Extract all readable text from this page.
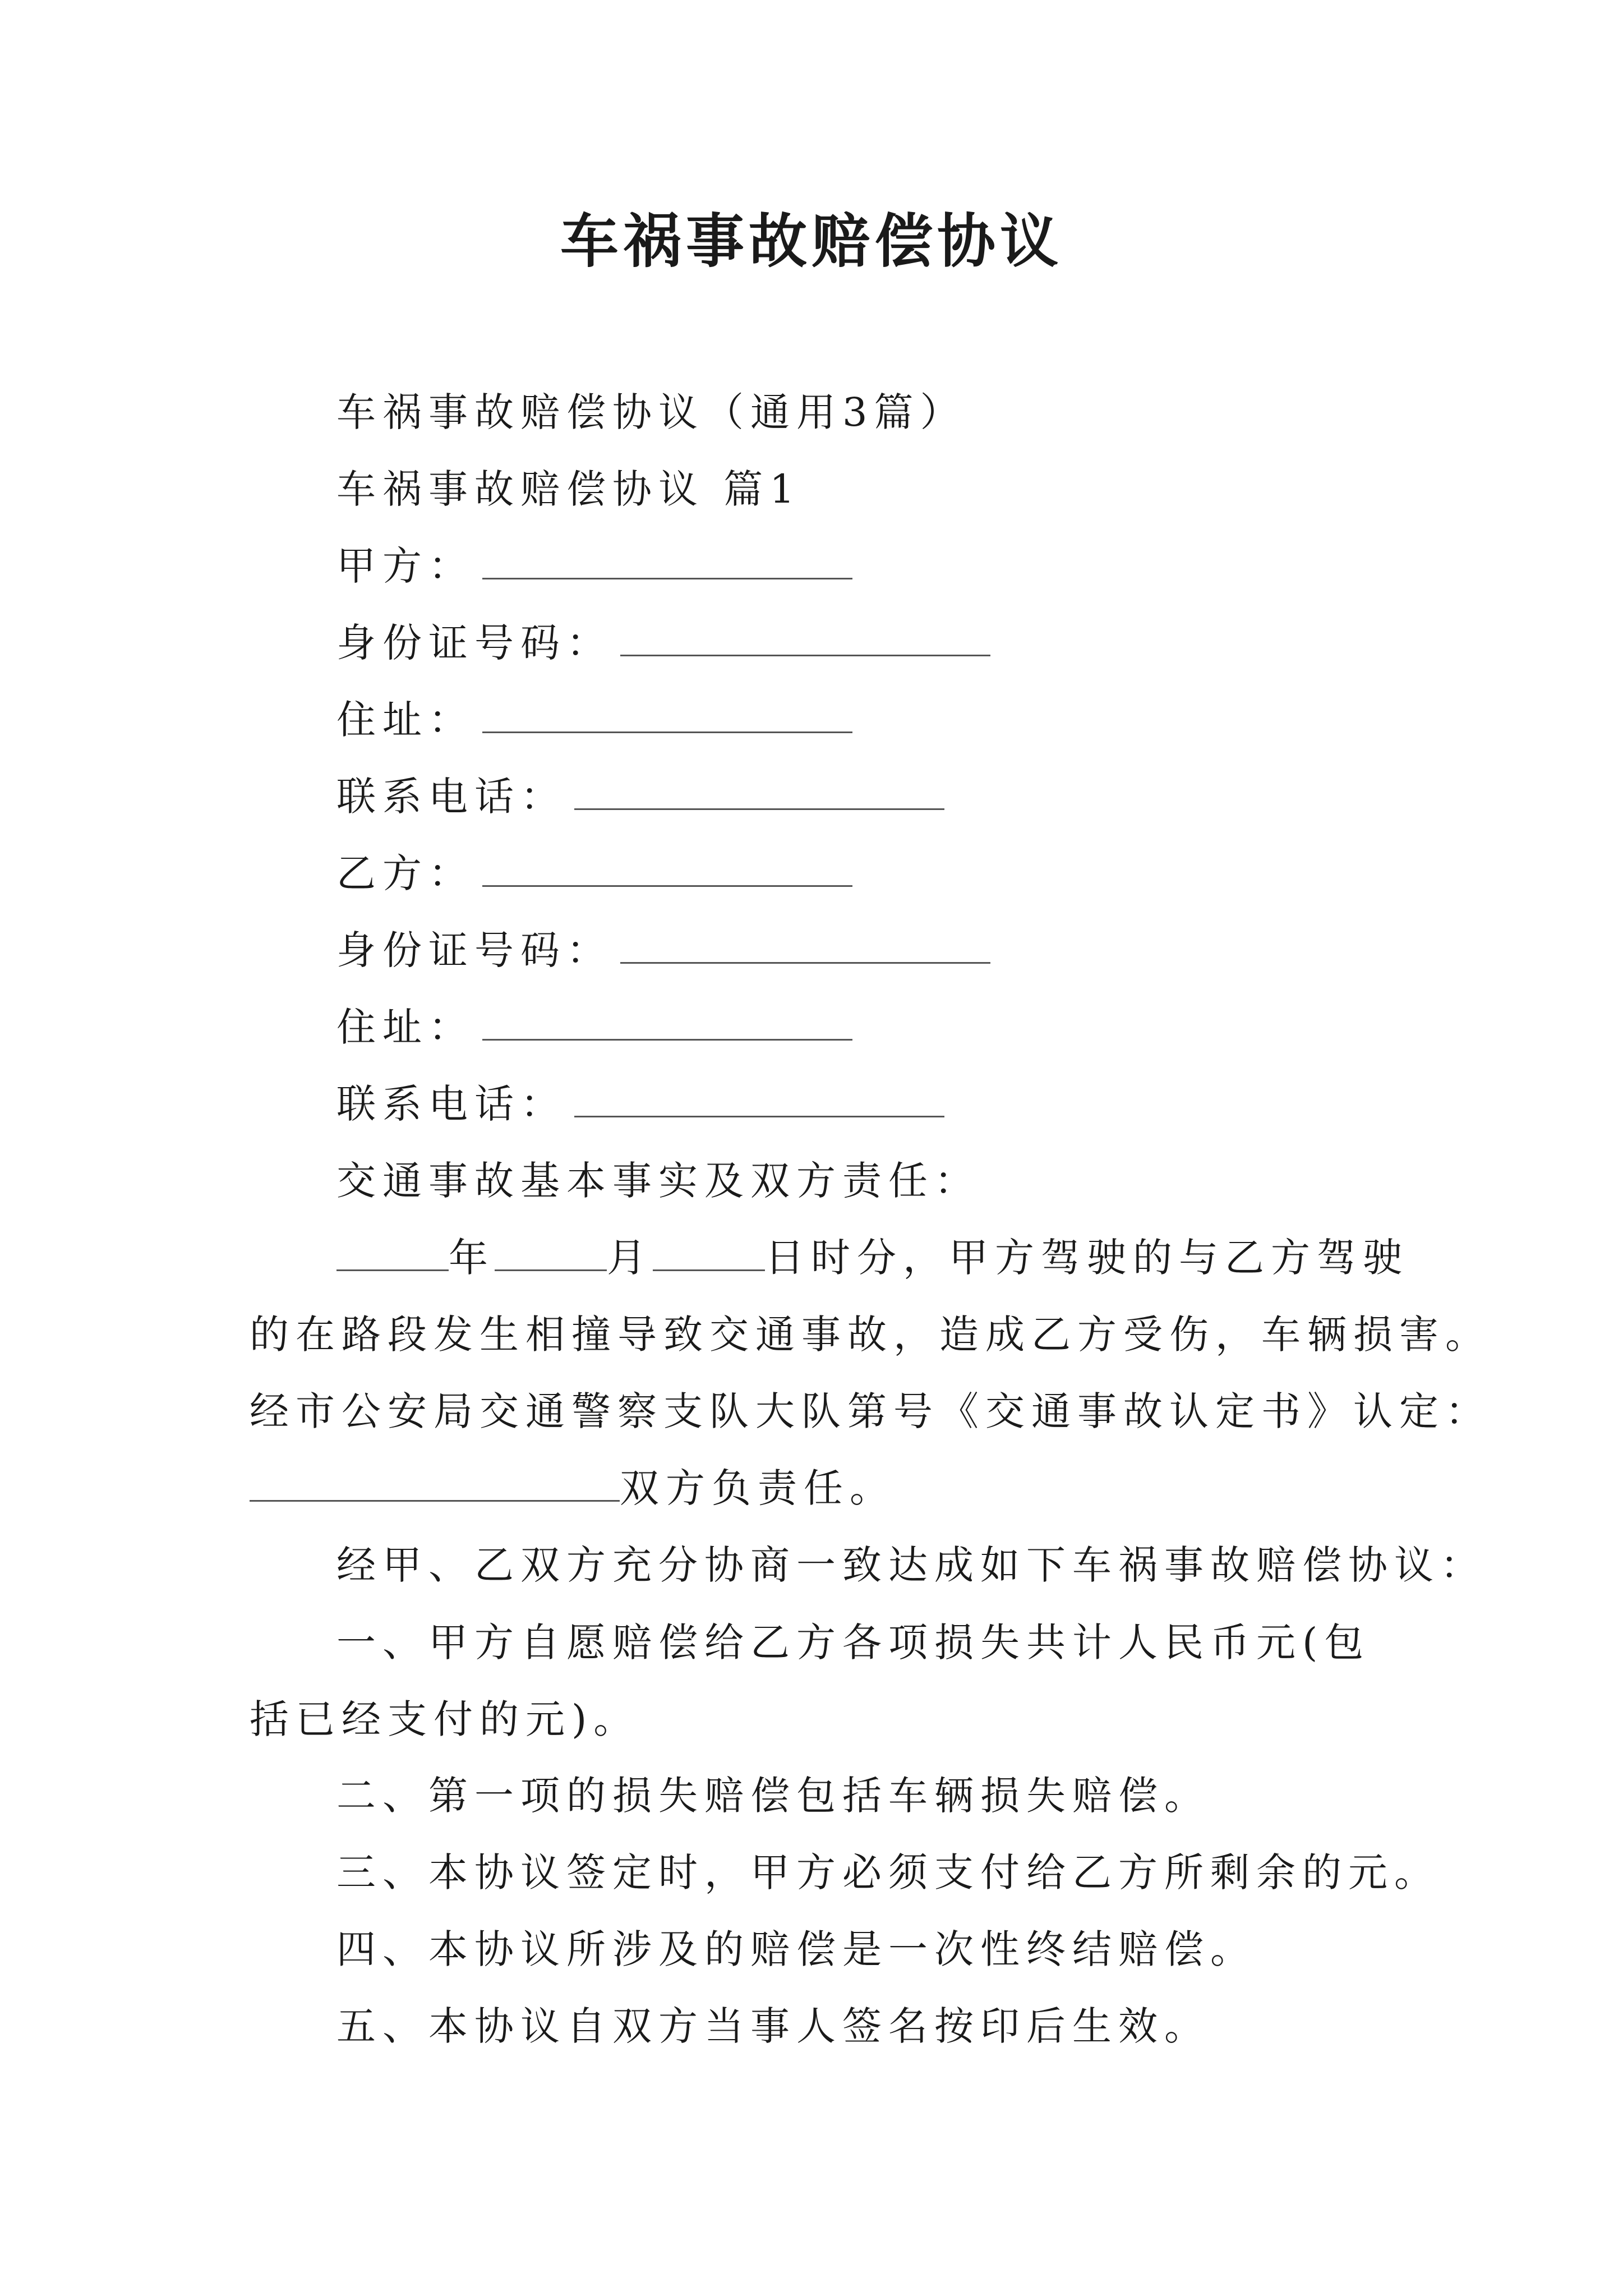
车祸事故赔偿协议
车祸事故赔偿协议（通用3篇）
车祸事故赔偿协议 篇1
甲方：
身份证号码：
住址：
联系电话：
乙方：
身份证号码：
住址：
联系电话：
交通事故基本事实及双方责任：
年	月	日时分，甲方驾驶的与乙方驾驶
的在路段发生相撞导致交通事故，造成乙方受伤，车辆损害。
经市公安局交通警察支队大队第号《交通事故认定书》认定：
双方负责任。
经甲、乙双方充分协商一致达成如下车祸事故赔偿协议：
一、甲方自愿赔偿给乙方各项损失共计人民币元(包括已经支付的元)。
二、第一项的损失赔偿包括车辆损失赔偿。
三、本协议签定时，甲方必须支付给乙方所剩余的元。
四、本协议所涉及的赔偿是一次性终结赔偿。
五、本协议自双方当事人签名按印后生效。
